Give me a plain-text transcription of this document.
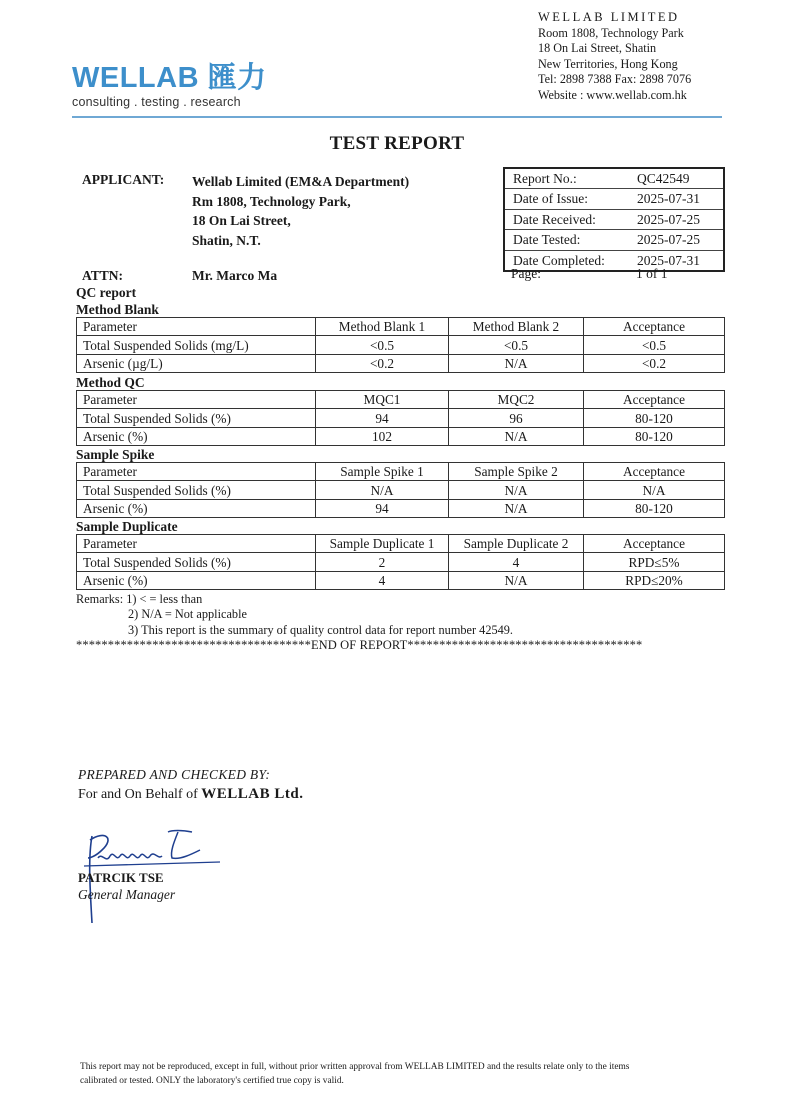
WELLAB 匯力
consulting . testing . research
WELLAB LIMITED
Room 1808, Technology Park
18 On Lai Street, Shatin
New Territories, Hong Kong
Tel: 2898 7388 Fax: 2898 7076
Website : www.wellab.com.hk
TEST REPORT
APPLICANT: Wellab Limited (EM&A Department)
Rm 1808, Technology Park,
18 On Lai Street,
Shatin, N.T.
ATTN:	Mr. Marco Ma
Report No.:	QC42549
Date of Issue:	2025-07-31
Date Received:	2025-07-25
Date Tested:	2025-07-25
Date Completed:	2025-07-31
Page:	1 of 1
QC report
Method Blank
Parameter	Method Blank 1	Method Blank 2	Acceptance
Total Suspended Solids (mg/L)	<0.5	<0.5	<0.5
Arsenic (µg/L)	<0.2	N/A	<0.2
Method QC
Parameter	MQC1	MQC2	Acceptance
Total Suspended Solids (%)	94	96	80-120
Arsenic (%)	102	N/A	80-120
Sample Spike
Parameter	Sample Spike 1	Sample Spike 2	Acceptance
Total Suspended Solids (%)	N/A	N/A	N/A
Arsenic (%)	94	N/A	80-120
Sample Duplicate
Parameter	Sample Duplicate 1	Sample Duplicate 2	Acceptance
Total Suspended Solids (%)	2	4	RPD≤5%
Arsenic (%)	4	N/A	RPD≤20%
Remarks: 1) < = less than
2) N/A = Not applicable
3) This report is the summary of quality control data for report number 42549.
*************************************END OF REPORT*************************************
PREPARED AND CHECKED BY:
For and On Behalf of WELLAB Ltd.
PATRCIK TSE
General Manager
This report may not be reproduced, except in full, without prior written approval from WELLAB LIMITED and the results relate only to the items
calibrated or tested. ONLY the laboratory's certified true copy is valid.
